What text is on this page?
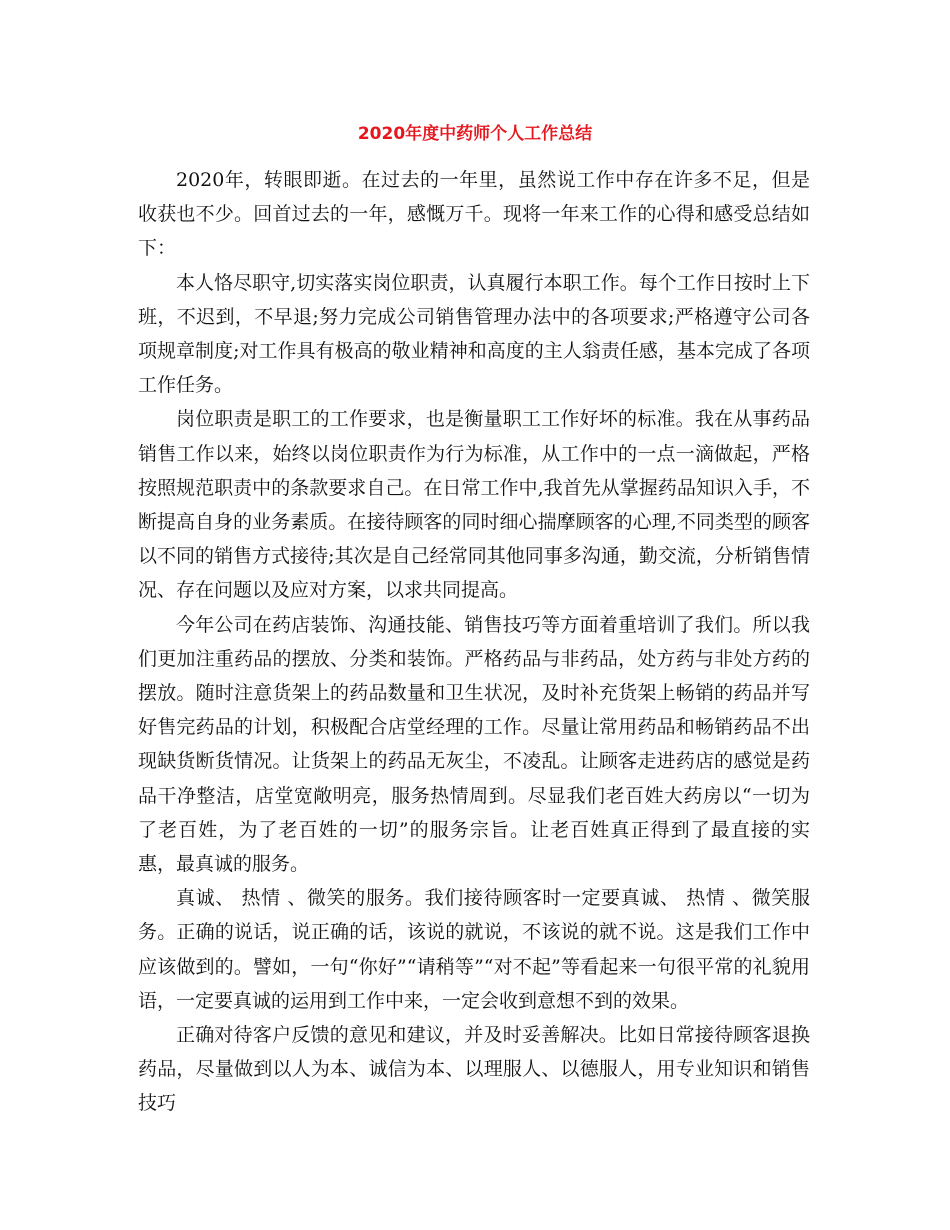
2020年度中药师个人工作总结

2020年，转眼即逝。在过去的一年里，虽然说工作中存在许多不足，但是收获也不少。回首过去的一年，感慨万千。现将一年来工作的心得和感受总结如下：

本人恪尽职守,切实落实岗位职责，认真履行本职工作。每个工作日按时上下班，不迟到，不早退;努力完成公司销售管理办法中的各项要求;严格遵守公司各项规章制度;对工作具有极高的敬业精神和高度的主人翁责任感，基本完成了各项工作任务。

岗位职责是职工的工作要求，也是衡量职工工作好坏的标准。我在从事药品销售工作以来，始终以岗位职责作为行为标准，从工作中的一点一滴做起，严格按照规范职责中的条款要求自己。在日常工作中,我首先从掌握药品知识入手，不断提高自身的业务素质。在接待顾客的同时细心揣摩顾客的心理,不同类型的顾客以不同的销售方式接待;其次是自己经常同其他同事多沟通，勤交流，分析销售情况、存在问题以及应对方案，以求共同提高。

今年公司在药店装饰、沟通技能、销售技巧等方面着重培训了我们。所以我们更加注重药品的摆放、分类和装饰。严格药品与非药品，处方药与非处方药的摆放。随时注意货架上的药品数量和卫生状况，及时补充货架上畅销的药品并写好售完药品的计划，积极配合店堂经理的工作。尽量让常用药品和畅销药品不出现缺货断货情况。让货架上的药品无灰尘，不凌乱。让顾客走进药店的感觉是药品干净整洁，店堂宽敞明亮，服务热情周到。尽显我们老百姓大药房以“一切为了老百姓，为了老百姓的一切”的服务宗旨。让老百姓真正得到了最直接的实惠，最真诚的服务。

真诚、 热情 、微笑的服务。我们接待顾客时一定要真诚、 热情 、微笑服务。正确的说话，说正确的话，该说的就说，不该说的就不说。这是我们工作中应该做到的。譬如，一句“你好”“请稍等”“对不起”等看起来一句很平常的礼貌用语，一定要真诚的运用到工作中来，一定会收到意想不到的效果。

正确对待客户反馈的意见和建议，并及时妥善解决。比如日常接待顾客退换药品，尽量做到以人为本、诚信为本、以理服人、以德服人，用专业知识和销售技巧
